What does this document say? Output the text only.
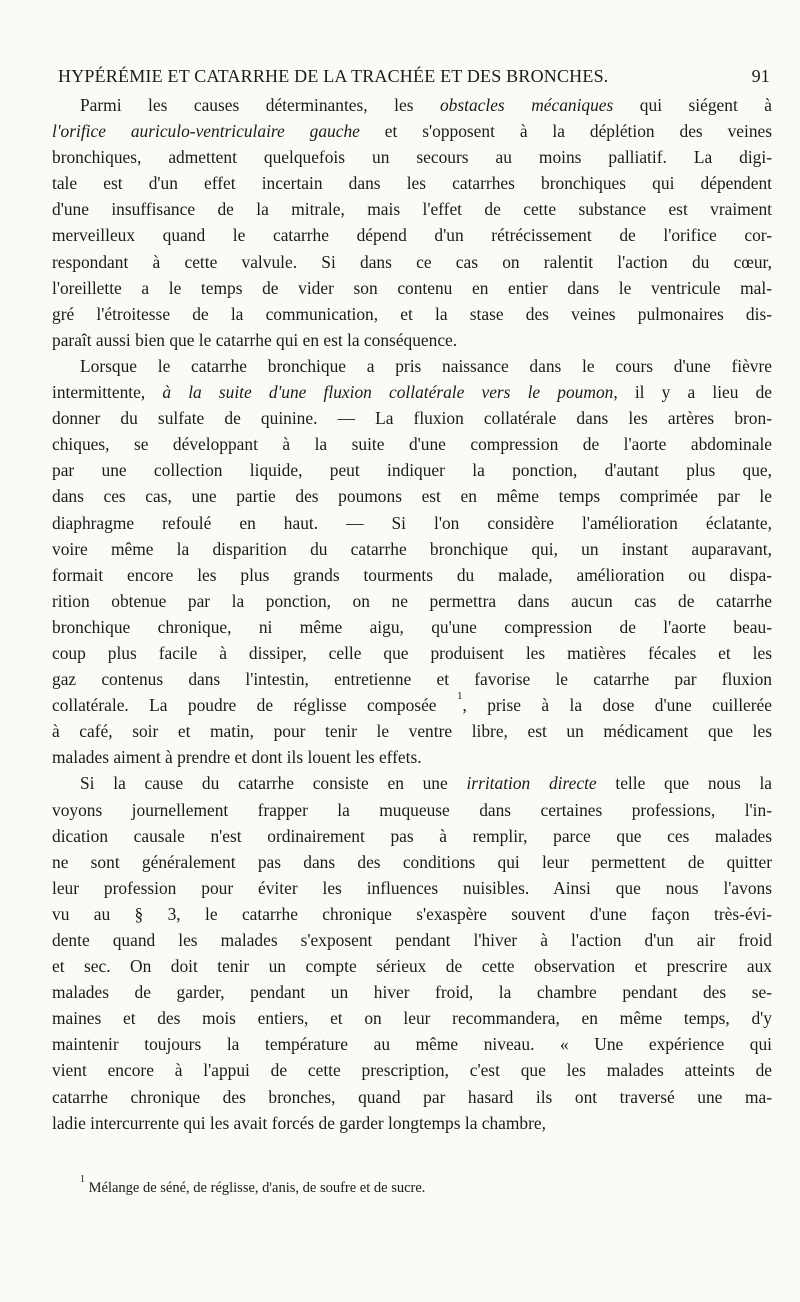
HYPÉRÉMIE ET CATARRHE DE LA TRACHÉE ET DES BRONCHES.	91
Parmi les causes déterminantes, les obstacles mécaniques qui siégent à
l'orifice auriculo-ventriculaire gauche et s'opposent à la déplétion des veines
bronchiques, admettent quelquefois un secours au moins palliatif. La digi-
tale est d'un effet incertain dans les catarrhes bronchiques qui dépendent
d'une insuffisance de la mitrale, mais l'effet de cette substance est vraiment
merveilleux quand le catarrhe dépend d'un rétrécissement de l'orifice cor-
respondant à cette valvule. Si dans ce cas on ralentit l'action du cœur,
l'oreillette a le temps de vider son contenu en entier dans le ventricule mal-
gré l'étroitesse de la communication, et la stase des veines pulmonaires dis-
paraît aussi bien que le catarrhe qui en est la conséquence.
Lorsque le catarrhe bronchique a pris naissance dans le cours d'une fièvre
intermittente, à la suite d'une fluxion collatérale vers le poumon, il y a lieu de
donner du sulfate de quinine. — La fluxion collatérale dans les artères bron-
chiques, se développant à la suite d'une compression de l'aorte abdominale
par une collection liquide, peut indiquer la ponction, d'autant plus que,
dans ces cas, une partie des poumons est en même temps comprimée par le
diaphragme refoulé en haut. — Si l'on considère l'amélioration éclatante,
voire même la disparition du catarrhe bronchique qui, un instant auparavant,
formait encore les plus grands tourments du malade, amélioration ou dispa-
rition obtenue par la ponction, on ne permettra dans aucun cas de catarrhe
bronchique chronique, ni même aigu, qu'une compression de l'aorte beau-
coup plus facile à dissiper, celle que produisent les matières fécales et les
gaz contenus dans l'intestin, entretienne et favorise le catarrhe par fluxion
collatérale. La poudre de réglisse composée $^1$, prise à la dose d'une cuillerée
à café, soir et matin, pour tenir le ventre libre, est un médicament que les
malades aiment à prendre et dont ils louent les effets.
Si la cause du catarrhe consiste en une irritation directe telle que nous la
voyons journellement frapper la muqueuse dans certaines professions, l'in-
dication causale n'est ordinairement pas à remplir, parce que ces malades
ne sont généralement pas dans des conditions qui leur permettent de quitter
leur profession pour éviter les influences nuisibles. Ainsi que nous l'avons
vu au § 3, le catarrhe chronique s'exaspère souvent d'une façon très-évi-
dente quand les malades s'exposent pendant l'hiver à l'action d'un air froid
et sec. On doit tenir un compte sérieux de cette observation et prescrire aux
malades de garder, pendant un hiver froid, la chambre pendant des se-
maines et des mois entiers, et on leur recommandera, en même temps, d'y
maintenir toujours la température au même niveau. « Une expérience qui
vient encore à l'appui de cette prescription, c'est que les malades atteints de
catarrhe chronique des bronches, quand par hasard ils ont traversé une ma-
ladie intercurrente qui les avait forcés de garder longtemps la chambre,
$^1$ Mélange de séné, de réglisse, d'anis, de soufre et de sucre.
